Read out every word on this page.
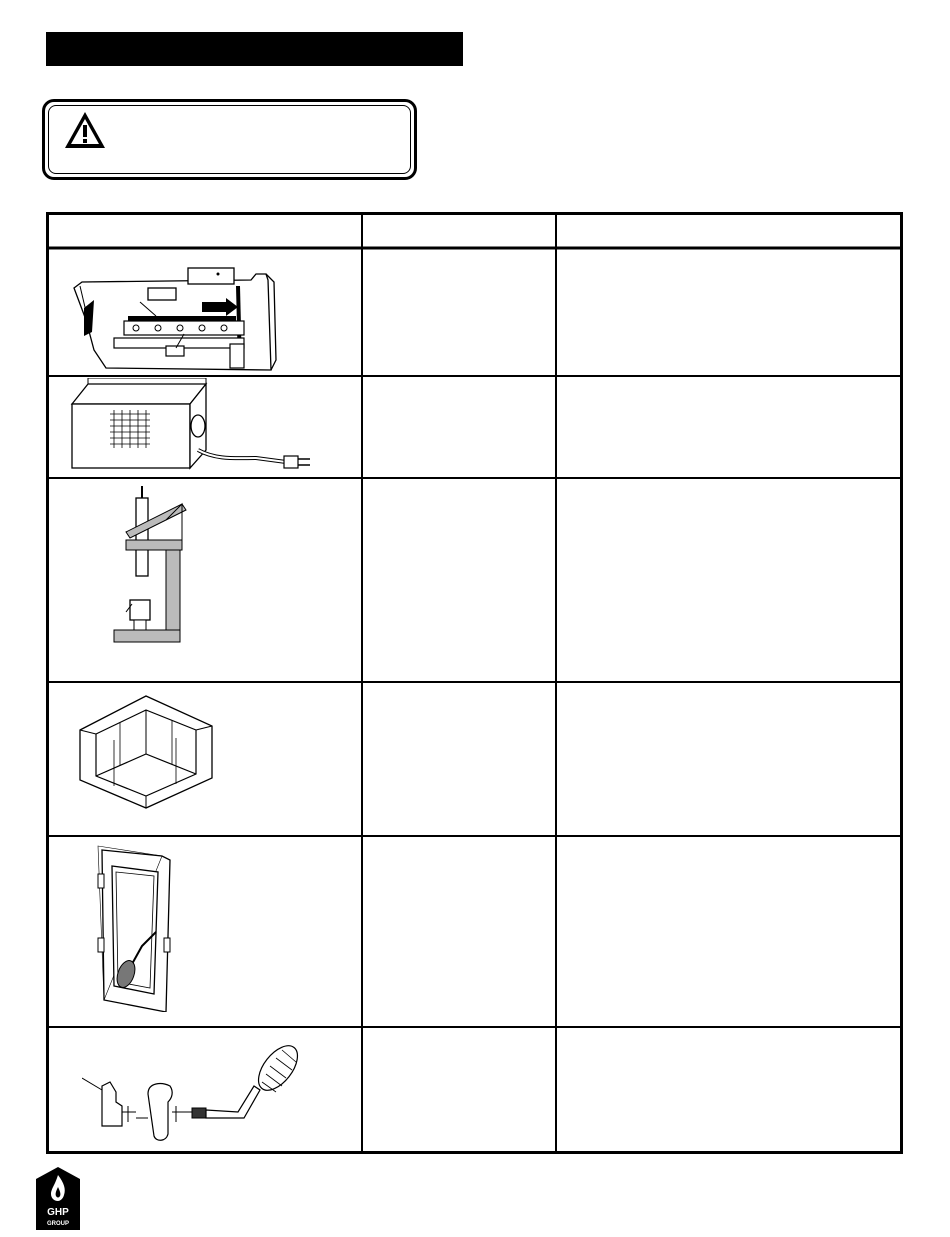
GHP
GROUP
